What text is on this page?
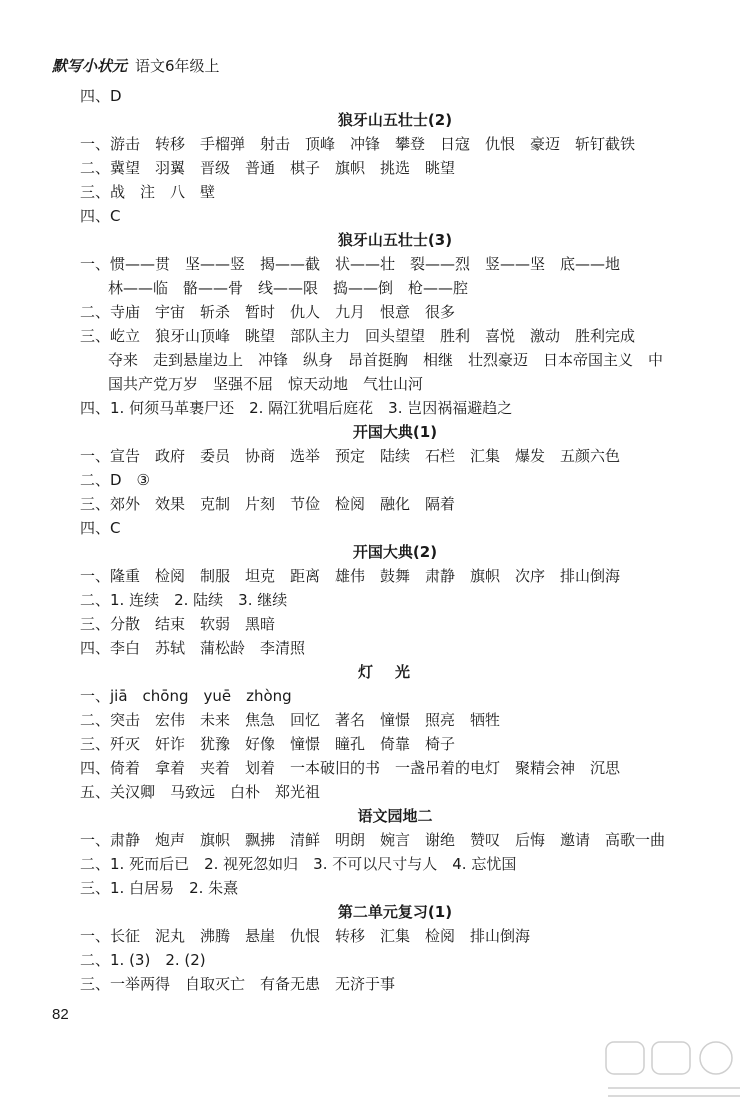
默写小状元 语文6年级上
四、D
狼牙山五壮士(2)
一、游击　转移　手榴弹　射击　顶峰　冲锋　攀登　日寇　仇恨　豪迈　斩钉截铁
二、冀望　羽翼　晋级　普通　棋子　旗帜　挑选　眺望
三、战　注　八　壁
四、C
狼牙山五壮士(3)
一、惯——贯　坚——竖　揭——截　状——壮　裂——烈　竖——坚　底——地
林——临　骼——骨　线——限　捣——倒　枪——腔
二、寺庙　宇宙　斩杀　暂时　仇人　九月　恨意　很多
三、屹立　狼牙山顶峰　眺望　部队主力　回头望望　胜利　喜悦　激动　胜利完成
夺来　走到悬崖边上　冲锋　纵身　昂首挺胸　相继　壮烈豪迈　日本帝国主义　中
国共产党万岁　坚强不屈　惊天动地　气壮山河
四、1. 何须马革裹尸还　2. 隔江犹唱后庭花　3. 岂因祸福避趋之
开国大典(1)
一、宣告　政府　委员　协商　选举　预定　陆续　石栏　汇集　爆发　五颜六色
二、D　③
三、郊外　效果　克制　片刻　节俭　检阅　融化　隔着
四、C
开国大典(2)
一、隆重　检阅　制服　坦克　距离　雄伟　鼓舞　肃静　旗帜　次序　排山倒海
二、1. 连续　2. 陆续　3. 继续
三、分散　结束　软弱　黑暗
四、李白　苏轼　蒲松龄　李清照
灯光
一、jiā　chōng　yuē　zhòng
二、突击　宏伟　未来　焦急　回忆　著名　憧憬　照亮　牺牲
三、歼灭　奸诈　犹豫　好像　憧憬　瞳孔　倚靠　椅子
四、倚着　拿着　夹着　划着　一本破旧的书　一盏吊着的电灯　聚精会神　沉思
五、关汉卿　马致远　白朴　郑光祖
语文园地二
一、肃静　炮声　旗帜　飘拂　清鲜　明朗　婉言　谢绝　赞叹　后悔　邀请　高歌一曲
二、1. 死而后已　2. 视死忽如归　3. 不可以尺寸与人　4. 忘忧国
三、1. 白居易　2. 朱熹
第二单元复习(1)
一、长征　泥丸　沸腾　悬崖　仇恨　转移　汇集　检阅　排山倒海
二、1. (3)　2. (2)
三、一举两得　自取灭亡　有备无患　无济于事
82
